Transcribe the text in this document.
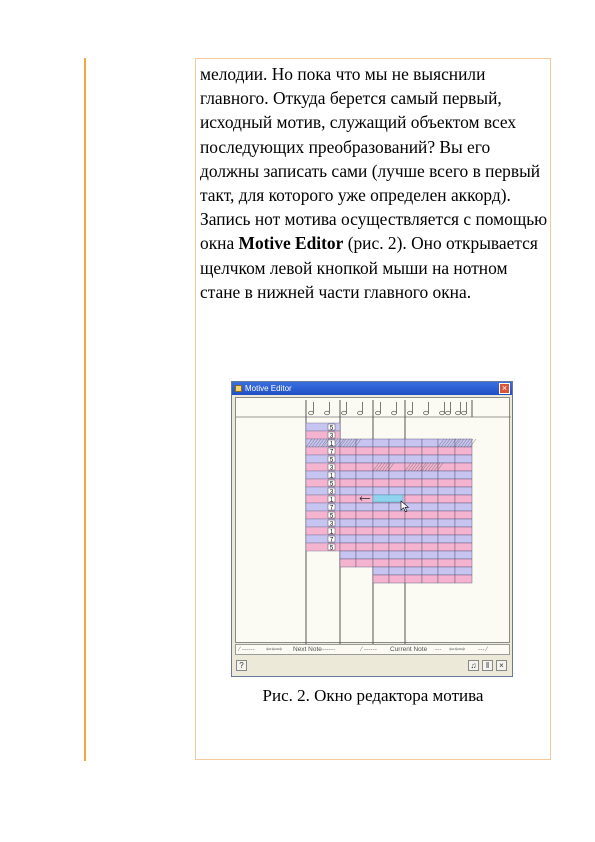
мелодии. Но пока что мы не выяснили главного. Откуда берется самый первый, исходный мотив, служащий объектом всех последующих преобразований? Вы его должны записать сами (лучше всего в первый такт, для которого уже определен аккорд). Запись нот мотива осуществляется с помощью окна Motive Editor (рис. 2). Оно открывается щелчком левой кнопкой мыши на нотном стане в нижней части главного окна.

Motive Editor	×
5
3
1
7
5
3
1
5
3
1
7
5
3
1
7
5
⁄ ------ ⇦⇦⇨ Next Note
-------	⁄ ------ Current Note --- ⇦⇦⇨ --- ⁄
?	♫	‖	×

Рис. 2. Окно редактора мотива
